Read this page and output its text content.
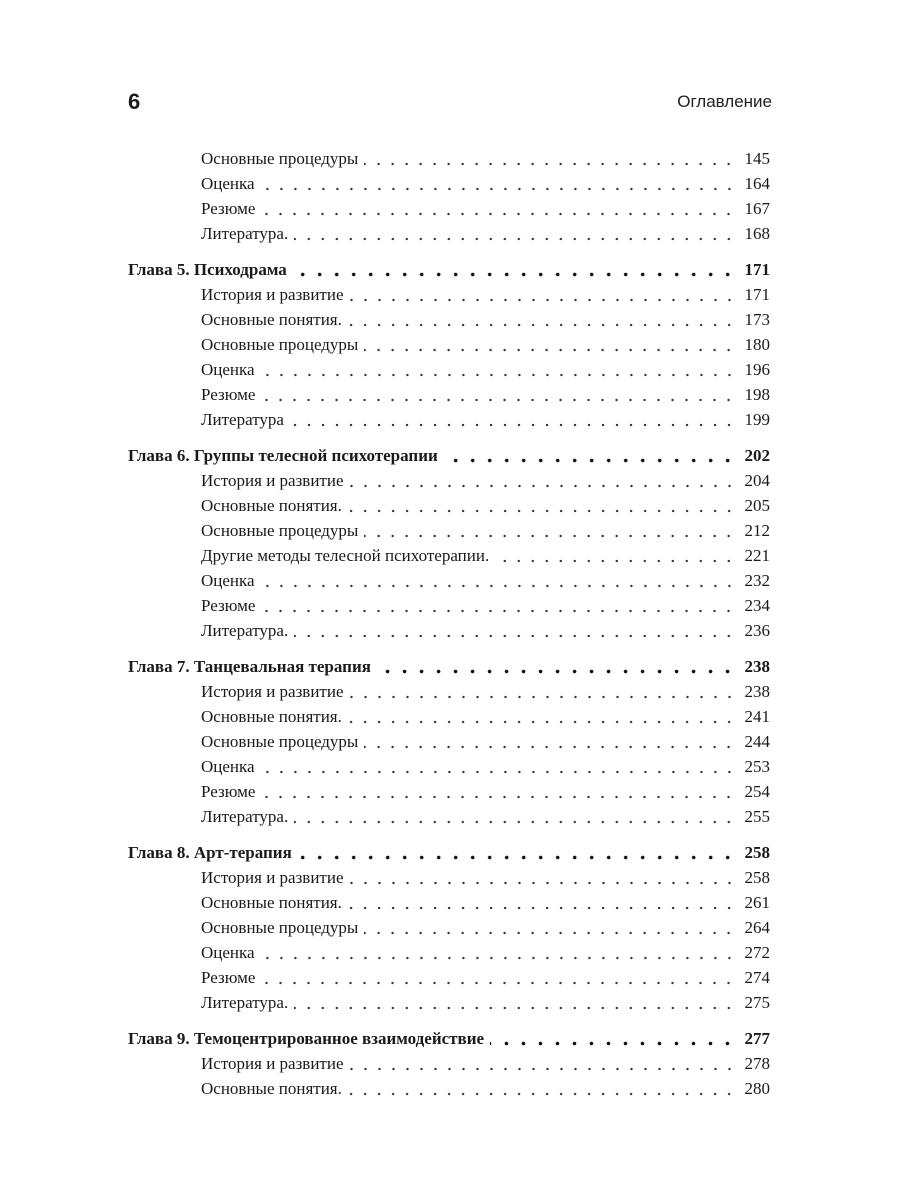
6	Оглавление
Основные процедуры	145
Оценка	164
Резюме	167
Литература.	168
Глава 5. Психодрама	171
История и развитие	171
Основные понятия.	173
Основные процедуры	180
Оценка	196
Резюме	198
Литература	199
Глава 6. Группы телесной психотерапии	202
История и развитие	204
Основные понятия.	205
Основные процедуры	212
Другие методы телесной психотерапии.	221
Оценка	232
Резюме	234
Литература.	236
Глава 7. Танцевальная терапия	238
История и развитие	238
Основные понятия.	241
Основные процедуры	244
Оценка	253
Резюме	254
Литература.	255
Глава 8. Арт-терапия	258
История и развитие	258
Основные понятия.	261
Основные процедуры	264
Оценка	272
Резюме	274
Литература.	275
Глава 9. Темоцентрированное взаимодействие	277
История и развитие	278
Основные понятия.	280
